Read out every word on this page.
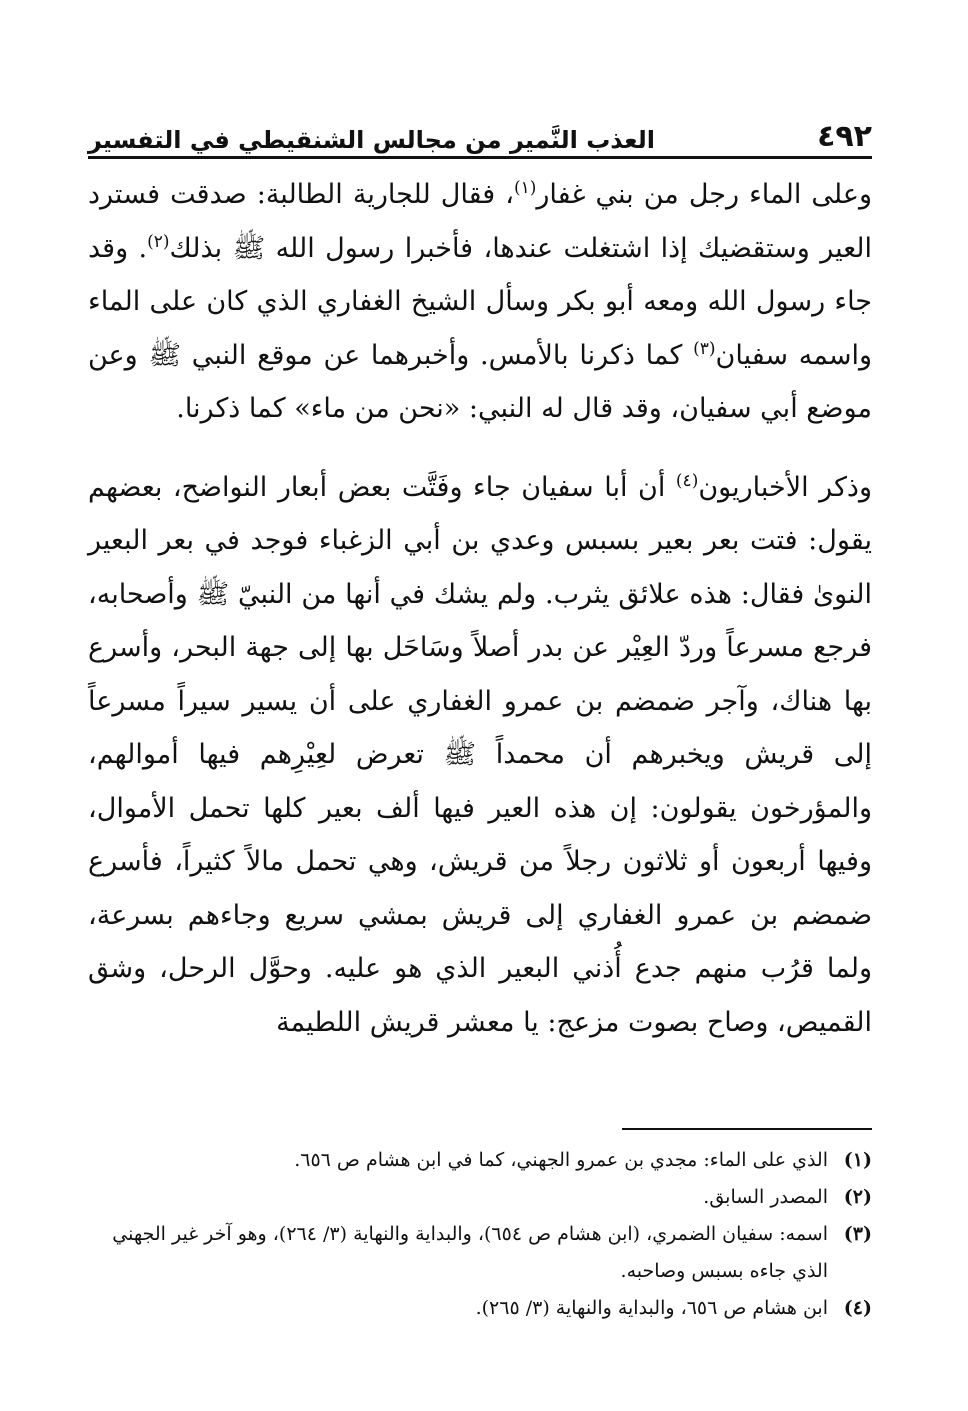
٤٩٢
العذب النَّمير من مجالس الشنقيطي في التفسير

وعلى الماء رجل من بني غفار$^{(١)}$، فقال للجارية الطالبة: صدقت فسترد العير وستقضيك إذا اشتغلت عندها، فأخبرا رسول الله ﷺ بذلك$^{(٢)}$. وقد جاء رسول الله ومعه أبو بكر وسأل الشيخ الغفاري الذي كان على الماء واسمه سفيان$^{(٣)}$ كما ذكرنا بالأمس. وأخبرهما عن موقع النبي ﷺ وعن موضع أبي سفيان، وقد قال له النبي: «نحن من ماء» كما ذكرنا.

وذكر الأخباريون$^{(٤)}$ أن أبا سفيان جاء وفَتَّت بعض أبعار النواضح، بعضهم يقول: فتت بعر بعير بسبس وعدي بن أبي الزغباء فوجد في بعر البعير النوىٰ فقال: هذه علائق يثرب. ولم يشك في أنها من النبيّ ﷺ وأصحابه، فرجع مسرعاً وردّ العِيْر عن بدر أصلاً وسَاحَل بها إلى جهة البحر، وأسرع بها هناك، وآجر ضمضم بن عمرو الغفاري على أن يسير سيراً مسرعاً إلى قريش ويخبرهم أن محمداً ﷺ تعرض لعِيْرِهم فيها أموالهم، والمؤرخون يقولون: إن هذه العير فيها ألف بعير كلها تحمل الأموال، وفيها أربعون أو ثلاثون رجلاً من قريش، وهي تحمل مالاً كثيراً، فأسرع ضمضم بن عمرو الغفاري إلى قريش بمشي سريع وجاءهم بسرعة، ولما قرُب منهم جدع أُذني البعير الذي هو عليه. وحوَّل الرحل، وشق القميص، وصاح بصوت مزعج: يا معشر قريش اللطيمة

(١)
الذي على الماء: مجدي بن عمرو الجهني، كما في ابن هشام ص ٦٥٦.
(٢)
المصدر السابق.
(٣)
اسمه: سفيان الضمري، (ابن هشام ص ٦٥٤)، والبداية والنهاية (٣/ ٢٦٤)، وهو آخر غير الجهني الذي جاءه بسبس وصاحبه.
(٤)
ابن هشام ص ٦٥٦، والبداية والنهاية (٣/ ٢٦٥).
